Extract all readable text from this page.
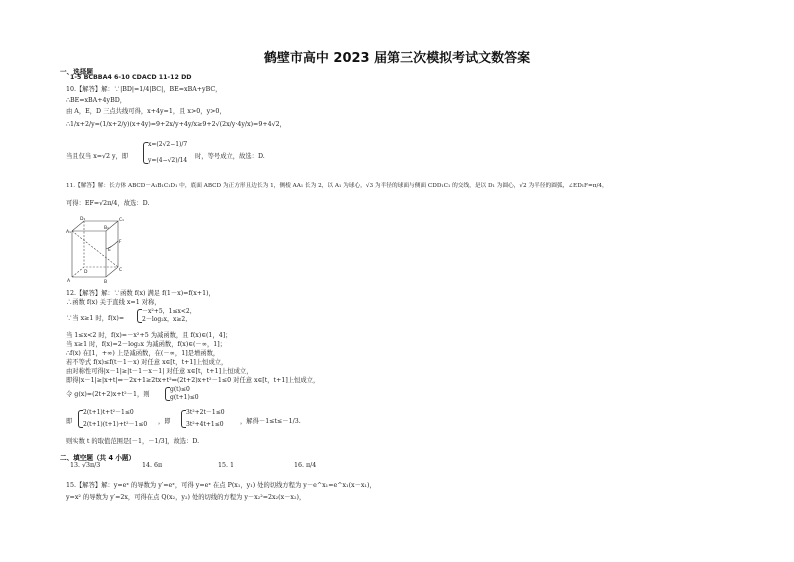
鹤壁市高中 2023 届第三次模拟考试文数答案
一、选择题
1-5 BCBBA4 6-10 CDACD 11-12 DD
10.【解答】解：∵|BD|=1/4|BC|，BE=xBA+yBC，
∴BE=xBA+4yBD，
由 A，E，D 三点共线可得，x+4y=1，且 x>0，y>0，
∴1/x+2/y=(1/x+2/y)(x+4y)=9+2x/y+4y/x≥9+2√(2x/y·4y/x)=9+4√2，
当且仅当 x=√2 y，即
x=(2√2−1)/7
y=(4−√2)/14
时，等号成立，故选：D.
11.【解答】解：长方体 ABCD－A₁B₁C₁D₁ 中，底面 ABCD 为正方形且边长为 1，侧棱 AA₁ 长为 2，以 A₁ 为球心，√3 为半径的球面与侧面 CDD₁C₁ 的交线，是以 D₁ 为圆心，√2 为半径的圆弧，∠ED₁F=π/4，
可得：EF=√2π/4，故选：D.
A₁
D₁
B₁
C₁
A
D
B
C
E
F
12.【解答】解：∵函数 f(x) 满足 f(1－x)=f(x+1)，
∴函数 f(x) 关于直线 x=1 对称，
∵当 x≥1 时，f(x)=
－x²+5，1≤x<2，
2－log₂x，x≥2，
当 1≤x<2 时，f(x)=－x²+5 为减函数，且 f(x)∈(1，4]；
当 x≥1 时，f(x)=2－log₂x 为减函数，f(x)∈(－∞，1]；
∴f(x) 在[1，+∞) 上是减函数，在(－∞，1]是增函数，
若不等式 f(x)≤f(t－1－x) 对任意 x∈[t，t+1]上恒成立，
由对称性可得|x－1|≥|t－1－x－1| 对任意 x∈[t，t+1]上恒成立，
即得|x－1|≥|x+t|⇔－2x+1≥2tx+t²⇔(2t+2)x+t²－1≤0 对任意 x∈[t，t+1]上恒成立，
令 g(x)=(2t+2)x+t²－1，则
g(t)≤0
g(t+1)≤0
即
2(t+1)t+t²－1≤0
2(t+1)(t+1)+t²－1≤0 ，即
3t²+2t－1≤0
3t²+4t+1≤0	，解得－1≤t≤－1/3.
则实数 t 的取值范围是[－1，－1/3]，故选：D.
二、填空题（共 4 小题）
13. √3π/3	14. 6π	15. 1	16. π/4
15.【解答】解：y=eˣ 的导数为 y′=eˣ，可得 y=eˣ 在点 P(x₁，y₁) 处的切线方程为 y－e^x₁=e^x₁(x－x₁)，
y=x² 的导数为 y′=2x，可得在点 Q(x₂，y₂) 处的切线的方程为 y－x₂²=2x₂(x－x₂)，
